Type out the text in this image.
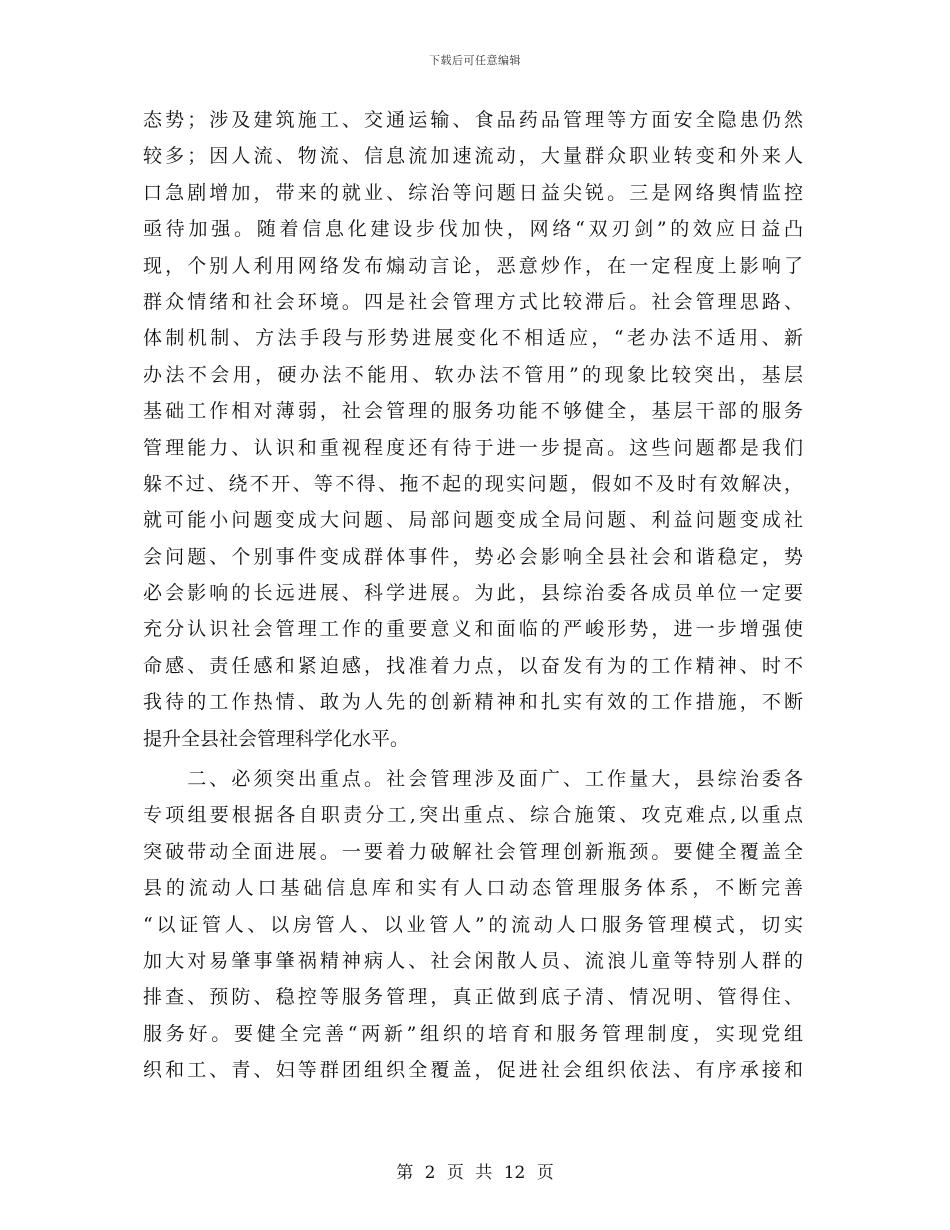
下载后可任意编辑
态势；涉及建筑施工、交通运输、食品药品管理等方面安全隐患仍然
较多；因人流、物流、信息流加速流动，大量群众职业转变和外来人
口急剧增加，带来的就业、综治等问题日益尖锐。三是网络舆情监控
亟待加强。随着信息化建设步伐加快，网络“双刃剑”的效应日益凸
现，个别人利用网络发布煽动言论，恶意炒作，在一定程度上影响了
群众情绪和社会环境。四是社会管理方式比较滞后。社会管理思路、
体制机制、方法手段与形势进展变化不相适应，“老办法不适用、新
办法不会用，硬办法不能用、软办法不管用”的现象比较突出，基层
基础工作相对薄弱，社会管理的服务功能不够健全，基层干部的服务
管理能力、认识和重视程度还有待于进一步提高。这些问题都是我们
躲不过、绕不开、等不得、拖不起的现实问题，假如不及时有效解决，
就可能小问题变成大问题、局部问题变成全局问题、利益问题变成社
会问题、个别事件变成群体事件，势必会影响全县社会和谐稳定，势
必会影响的长远进展、科学进展。为此，县综治委各成员单位一定要
充分认识社会管理工作的重要意义和面临的严峻形势，进一步增强使
命感、责任感和紧迫感，找准着力点，以奋发有为的工作精神、时不
我待的工作热情、敢为人先的创新精神和扎实有效的工作措施，不断
提升全县社会管理科学化水平。
　　二、必须突出重点。社会管理涉及面广、工作量大，县综治委各
专项组要根据各自职责分工,突出重点、综合施策、攻克难点,以重点
突破带动全面进展。一要着力破解社会管理创新瓶颈。要健全覆盖全
县的流动人口基础信息库和实有人口动态管理服务体系，不断完善
“以证管人、以房管人、以业管人”的流动人口服务管理模式，切实
加大对易肇事肇祸精神病人、社会闲散人员、流浪儿童等特别人群的
排查、预防、稳控等服务管理，真正做到底子清、情况明、管得住、
服务好。要健全完善“两新”组织的培育和服务管理制度，实现党组
织和工、青、妇等群团组织全覆盖，促进社会组织依法、有序承接和
第 2 页 共 12 页
